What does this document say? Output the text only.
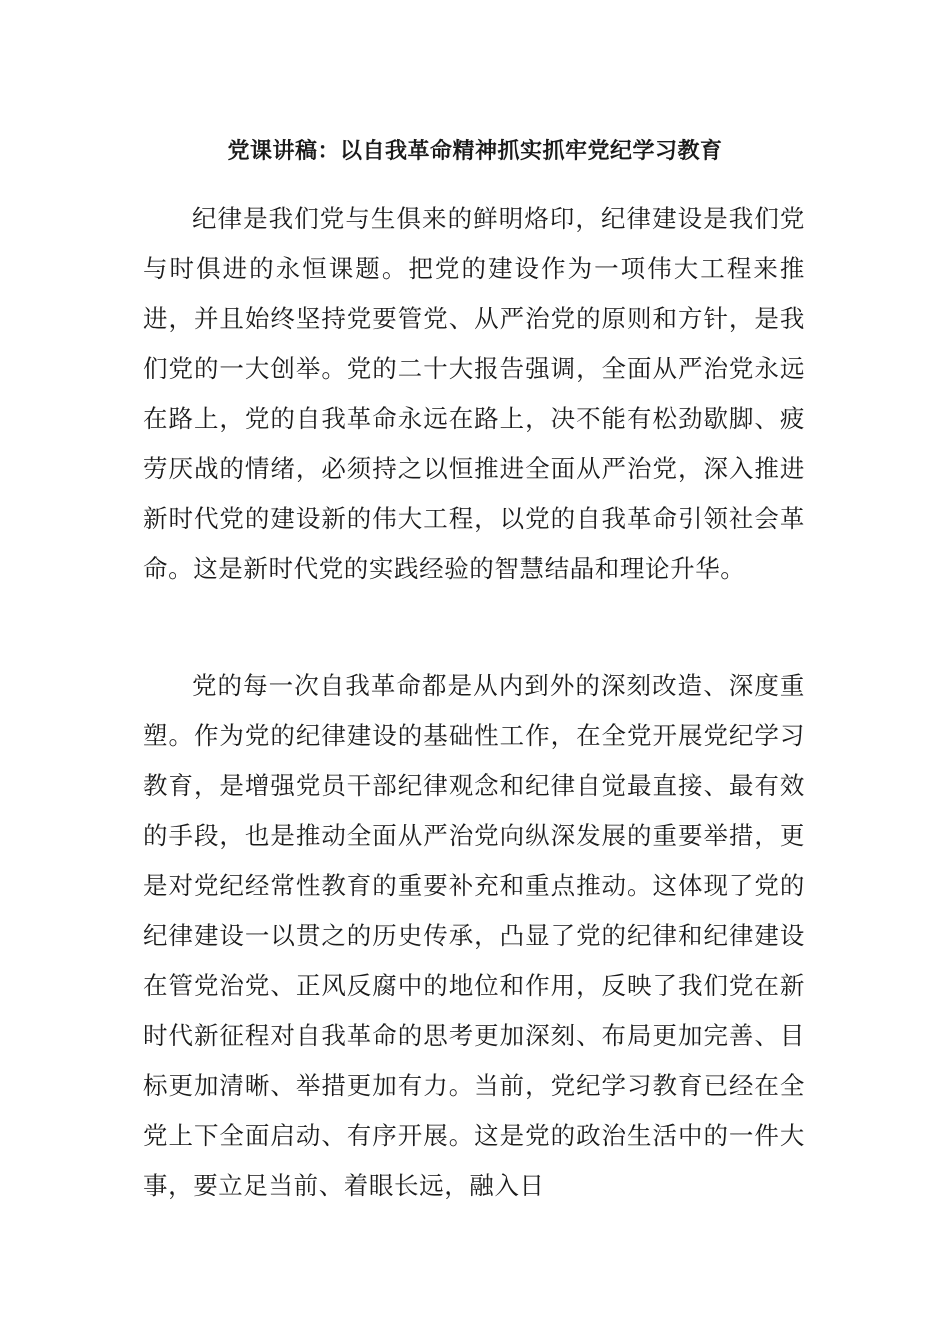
党课讲稿：以自我革命精神抓实抓牢党纪学习教育

纪律是我们党与生俱来的鲜明烙印，纪律建设是我们党与时俱进的永恒课题。把党的建设作为一项伟大工程来推进，并且始终坚持党要管党、从严治党的原则和方针，是我们党的一大创举。党的二十大报告强调，全面从严治党永远在路上，党的自我革命永远在路上，决不能有松劲歇脚、疲劳厌战的情绪，必须持之以恒推进全面从严治党，深入推进新时代党的建设新的伟大工程，以党的自我革命引领社会革命。这是新时代党的实践经验的智慧结晶和理论升华。

党的每一次自我革命都是从内到外的深刻改造、深度重塑。作为党的纪律建设的基础性工作，在全党开展党纪学习教育，是增强党员干部纪律观念和纪律自觉最直接、最有效的手段，也是推动全面从严治党向纵深发展的重要举措，更是对党纪经常性教育的重要补充和重点推动。这体现了党的纪律建设一以贯之的历史传承，凸显了党的纪律和纪律建设在管党治党、正风反腐中的地位和作用，反映了我们党在新时代新征程对自我革命的思考更加深刻、布局更加完善、目标更加清晰、举措更加有力。当前，党纪学习教育已经在全党上下全面启动、有序开展。这是党的政治生活中的一件大事，要立足当前、着眼长远，融入日
